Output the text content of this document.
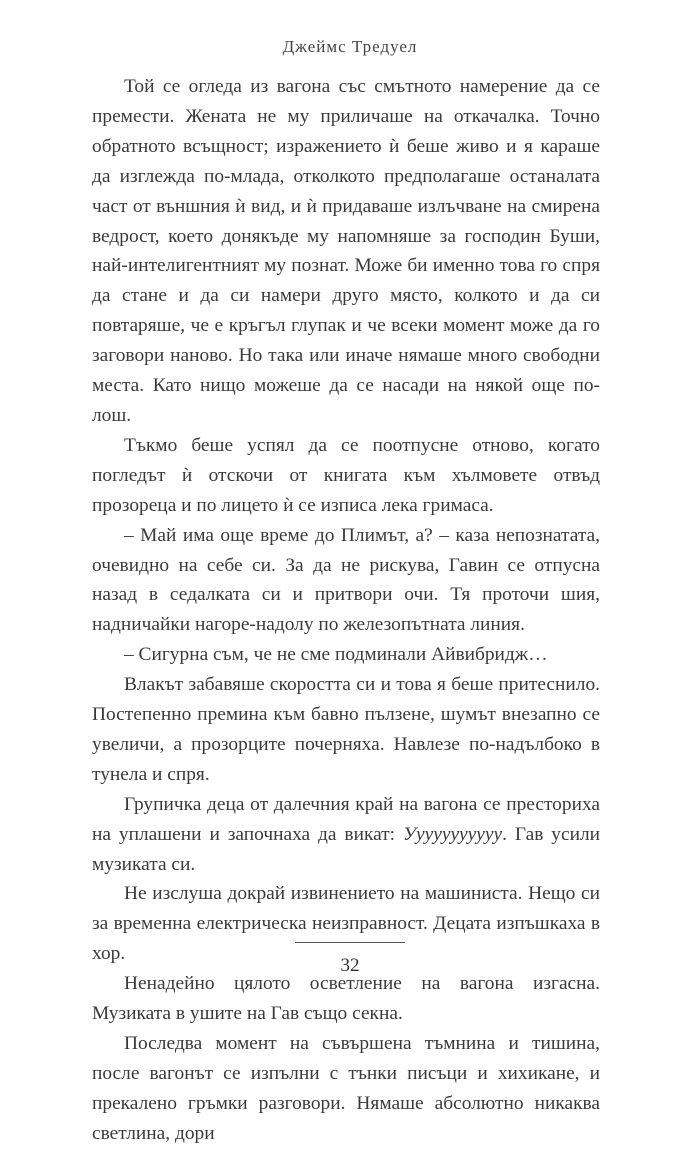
Джеймс Тредуел

Той се огледа из вагона със смътното намерение да се премести. Жената не му приличаше на откачалка. Точно обратното всъщност; изражението ѝ беше живо и я караше да изглежда по-млада, отколкото предполагаше останалата част от външния ѝ вид, и ѝ придаваше излъчване на смирена ведрост, което донякъде му напомняше за господин Буши, най-интелигентният му познат. Може би именно това го спря да стане и да си намери друго място, колкото и да си повтаряше, че е кръгъл глупак и че всеки момент може да го заговори наново. Но така или иначе нямаше много свободни места. Като нищо можеше да се насади на някой още по-лош.

Тъкмо беше успял да се поотпусне отново, когато погледът ѝ отскочи от книгата към хълмовете отвъд прозореца и по лицето ѝ се изписа лека гримаса.

– Май има още време до Плимът, а? – каза непознатата, очевидно на себе си. За да не рискува, Гавин се отпусна назад в седалката си и притвори очи. Тя проточи шия, надничайки нагоре-надолу по железопътната линия.

– Сигурна съм, че не сме подминали Айвибридж…

Влакът забавяше скоростта си и това я беше притеснило. Постепенно премина към бавно пълзене, шумът внезапно се увеличи, а прозорците почерняха. Навлезе по-надълбоко в тунела и спря.

Групичка деца от далечния край на вагона се престориха на уплашени и започнаха да викат: Ууууууууууу. Гав усили музиката си.

Не изслуша докрай извинението на машиниста. Нещо си за временна електрическа неизправност. Децата изпъшкаха в хор.

Ненадейно цялото осветление на вагона изгасна. Музиката в ушите на Гав също секна.

Последва момент на съвършена тъмнина и тишина, после вагонът се изпълни с тънки писъци и хихикане, и прекалено гръмки разговори. Нямаше абсолютно никаква светлина, дори

32
